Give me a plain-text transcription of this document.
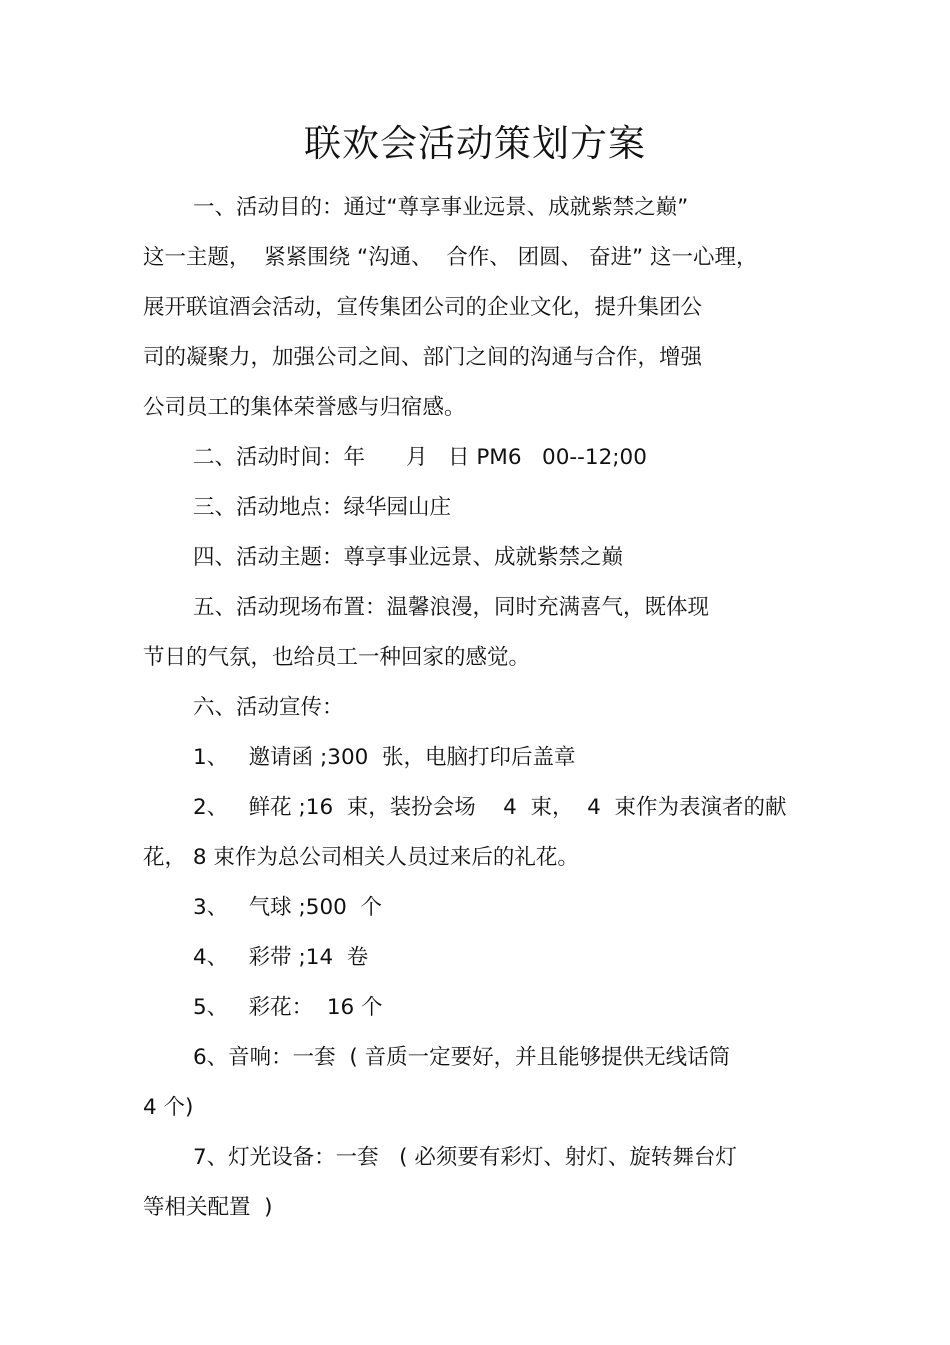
联欢会活动策划方案
一、活动目的：通过“尊享事业远景、成就紫禁之巅”
这一主题，  紧紧围绕 “沟通、  合作、 团圆、 奋进” 这一心理，
展开联谊酒会活动，宣传集团公司的企业文化，提升集团公
司的凝聚力，加强公司之间、部门之间的沟通与合作，增强
公司员工的集体荣誉感与归宿感。
二、活动时间：年      月   日 PM6   00--12;00
三、活动地点：绿华园山庄
四、活动主题：尊享事业远景、成就紫禁之巅
五、活动现场布置：温馨浪漫，同时充满喜气，既体现
节日的气氛，也给员工一种回家的感觉。
六、活动宣传：
1、   邀请函 ;300  张，电脑打印后盖章
2、   鲜花 ;16  束，装扮会场    4  束，  4  束作为表演者的献
花， 8 束作为总公司相关人员过来后的礼花。
3、   气球 ;500  个
4、   彩带 ;14  卷
5、   彩花：  16 个
6、音响：一套  ( 音质一定要好，并且能够提供无线话筒
4 个)
7、灯光设备：一套   ( 必须要有彩灯、射灯、旋转舞台灯
等相关配置  )
